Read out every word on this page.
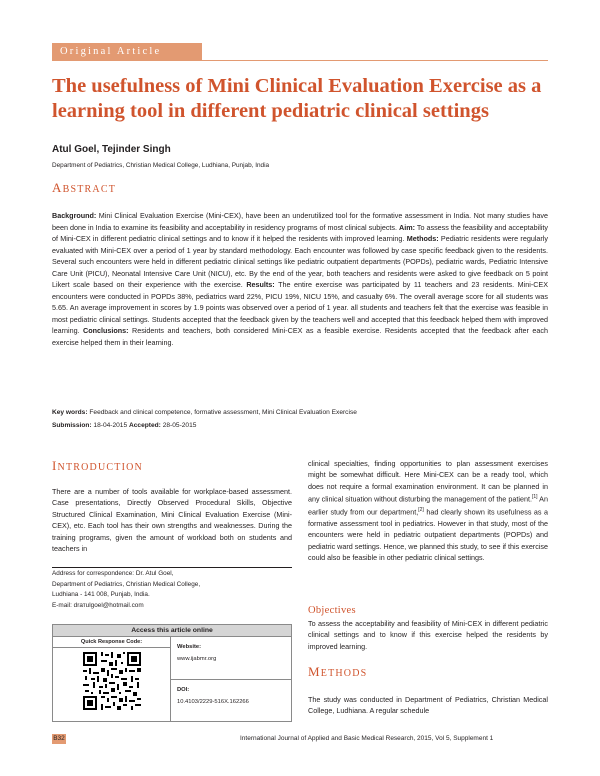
Original Article
The usefulness of Mini Clinical Evaluation Exercise as a learning tool in different pediatric clinical settings
Atul Goel, Tejinder Singh
Department of Pediatrics, Christian Medical College, Ludhiana, Punjab, India
ABSTRACT
Background: Mini Clinical Evaluation Exercise (Mini-CEX), have been an underutilized tool for the formative assessment in India. Not many studies have been done in India to examine its feasibility and acceptability in residency programs of most clinical subjects. Aim: To assess the feasibility and acceptability of Mini-CEX in different pediatric clinical settings and to know if it helped the residents with improved learning. Methods: Pediatric residents were regularly evaluated with Mini-CEX over a period of 1 year by standard methodology. Each encounter was followed by case specific feedback given to the residents. Several such encounters were held in different pediatric clinical settings like pediatric outpatient departments (POPDs), pediatric wards, Pediatric Intensive Care Unit (PICU), Neonatal Intensive Care Unit (NICU), etc. By the end of the year, both teachers and residents were asked to give feedback on 5 point Likert scale based on their experience with the exercise. Results: The entire exercise was participated by 11 teachers and 23 residents. Mini-CEX encounters were conducted in POPDs 38%, pediatrics ward 22%, PICU 19%, NICU 15%, and casualty 6%. The overall average score for all students was 5.65. An average improvement in scores by 1.9 points was observed over a period of 1 year. all students and teachers felt that the exercise was feasible in most pediatric clinical settings. Students accepted that the feedback given by the teachers well and accepted that this feedback helped them with improved learning. Conclusions: Residents and teachers, both considered Mini-CEX as a feasible exercise. Residents accepted that the feedback after each exercise helped them in their learning.
Key words: Feedback and clinical competence, formative assessment, Mini Clinical Evaluation Exercise
Submission: 18-04-2015 Accepted: 28-05-2015
INTRODUCTION
There are a number of tools available for workplace-based assessment. Case presentations, Directly Observed Procedural Skills, Objective Structured Clinical Examination, Mini Clinical Evaluation Exercise (Mini-CEX), etc. Each tool has their own strengths and weaknesses. During the training programs, given the amount of workload both on students and teachers in
Address for correspondence: Dr. Atul Goel,
Department of Pediatrics, Christian Medical College,
Ludhiana - 141 008, Punjab, India.
E-mail: drатulgoel@hotmail.com
Access this article online
Quick Response Code:
Website:
www.ijabmr.org
DOI:
10.4103/2229-516X.162266
clinical specialties, finding opportunities to plan assessment exercises might be somewhat difficult. Here Mini-CEX can be a ready tool, which does not require a formal examination environment. It can be planned in any clinical situation without disturbing the management of the patient.[1] An earlier study from our department,[2] had clearly shown its usefulness as a formative assessment tool in pediatrics. However in that study, most of the encounters were held in pediatric outpatient departments (POPDs) and pediatric ward settings. Hence, we planned this study, to see if this exercise could also be feasible in other pediatric clinical settings.
Objectives
To assess the acceptability and feasibility of Mini-CEX in different pediatric clinical settings and to know if this exercise helped the residents by improved learning.
METHODS
The study was conducted in Department of Pediatrics, Christian Medical College, Ludhiana. A regular schedule
B32	International Journal of Applied and Basic Medical Research, 2015, Vol 5, Supplement 1
